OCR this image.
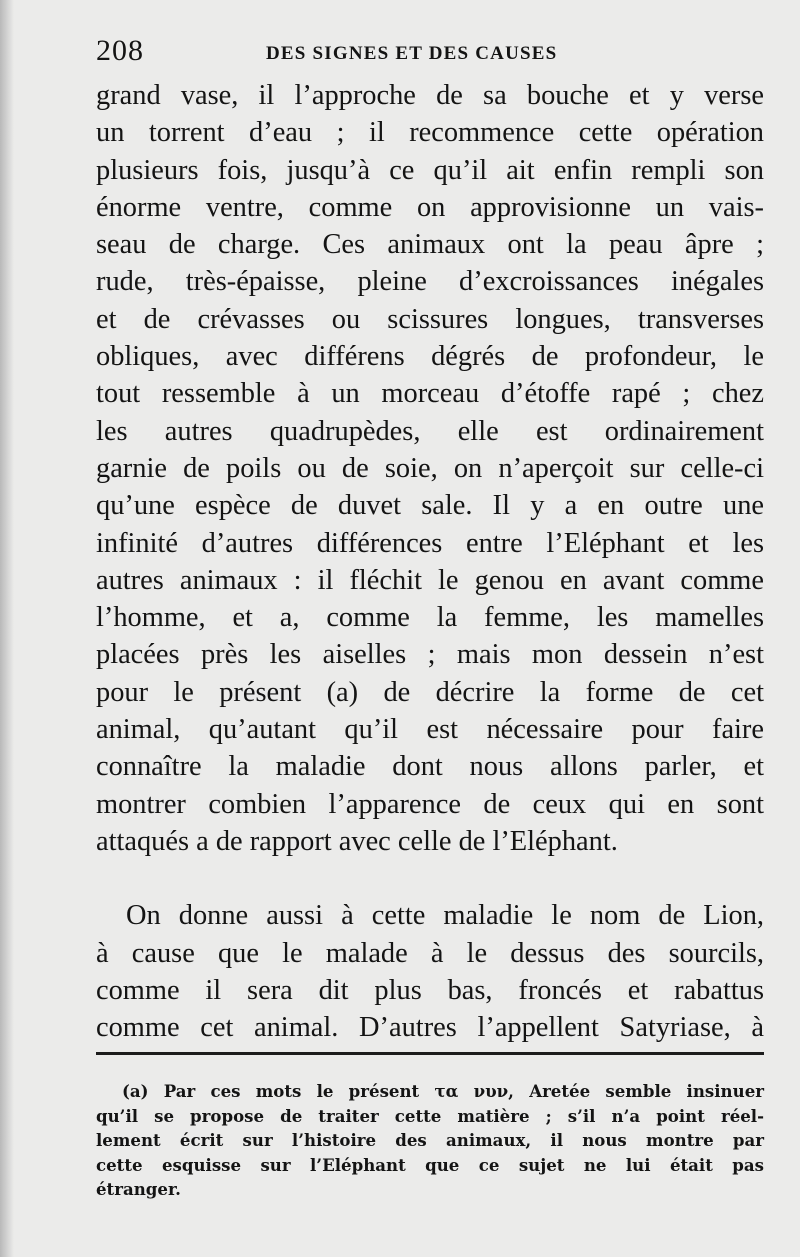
208	DES SIGNES ET DES CAUSES
grand vase, il l’approche de sa bouche et y verse
un torrent d’eau ; il recommence cette opération
plusieurs fois, jusqu’à ce qu’il ait enfin rempli son
énorme ventre, comme on approvisionne un vais-
seau de charge. Ces animaux ont la peau âpre ;
rude, très-épaisse, pleine d’excroissances inégales
et de crévasses ou scissures longues, transverses
obliques, avec différens dégrés de profondeur, le
tout ressemble à un morceau d’étoffe rapé ; chez
les autres quadrupèdes, elle est ordinairement
garnie de poils ou de soie, on n’aperçoit sur celle-ci
qu’une espèce de duvet sale. Il y a en outre une
infinité d’autres différences entre l’Eléphant et les
autres animaux : il fléchit le genou en avant comme
l’homme, et a, comme la femme, les mamelles
placées près les aiselles ; mais mon dessein n’est
pour le présent (a) de décrire la forme de cet
animal, qu’autant qu’il est nécessaire pour faire
connaître la maladie dont nous allons parler, et
montrer combien l’apparence de ceux qui en sont
attaqués a de rapport avec celle de l’Eléphant.
On donne aussi à cette maladie le nom de Lion,
à cause que le malade à le dessus des sourcils,
comme il sera dit plus bas, froncés et rabattus
comme cet animal. D’autres l’appellent Satyriase, à
(a) Par ces mots le présent τα νυν, Aretée semble insinuer
qu’il se propose de traiter cette matière ; s’il n’a point réel-
lement écrit sur l’histoire des animaux, il nous montre par
cette esquisse sur l’Eléphant que ce sujet ne lui était pas
étranger.
